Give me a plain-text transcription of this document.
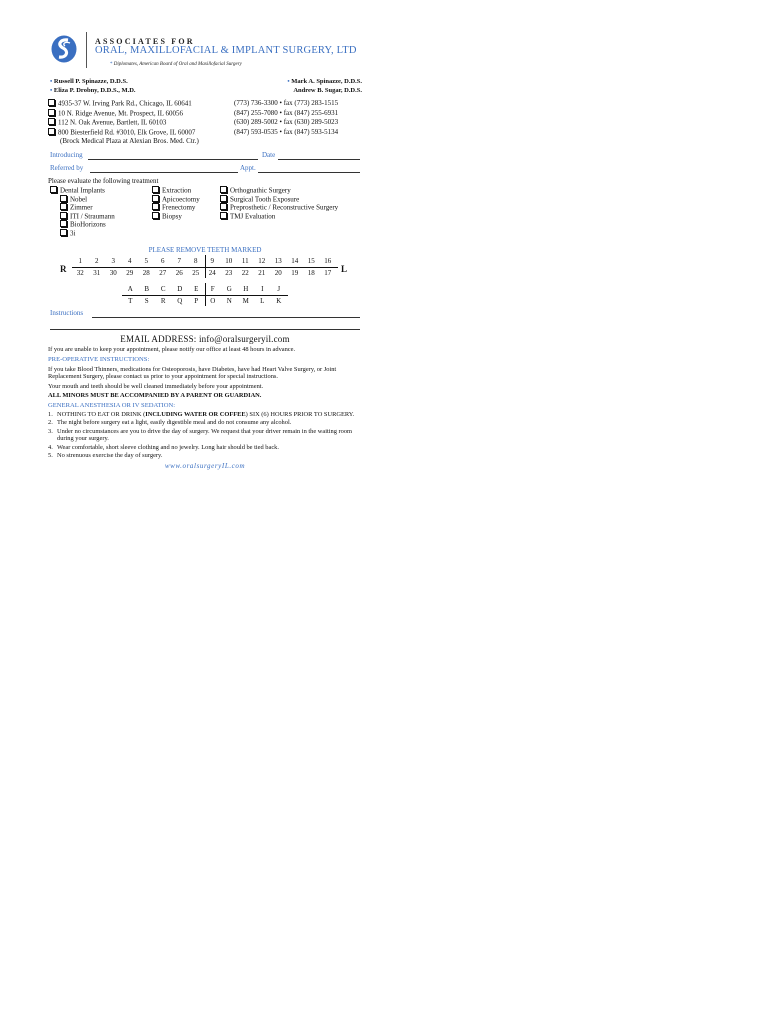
ASSOCIATES FOR
ORAL, MAXILLOFACIAL & IMPLANT SURGERY, LTD
* Diplomates, American Board of Oral and Maxillofacial Surgery
• Russell P. Spinazze, D.D.S.
• Eliza P. Drobny, D.D.S., M.D.
• Mark A. Spinazze, D.D.S.
Andrew B. Sugar, D.D.S.
4935-37 W. Irving Park Rd., Chicago, IL 60641	(773) 736-3300 • fax (773) 283-1515
10 N. Ridge Avenue, Mt. Prospect, IL 60056	(847) 255-7080 • fax (847) 255-6931
112 N. Oak Avenue, Bartlett, IL 60103	(630) 289-5002 • fax (630) 289-5023
800 Biesterfield Rd. #3010, Elk Grove, IL 60007	(847) 593-0535 • fax (847) 593-5134
(Brock Medical Plaza at Alexian Bros. Med. Ctr.)
Introducing	Date
Referred by	Appt.
Please evaluate the following treatment
Dental Implants
Nobel
Zimmer
ITI / Straumann
BioHorizons
3i
Extraction
Apicoectomy
Frenectomy
Biopsy
Orthognathic Surgery
Surgical Tooth Exposure
Preprosthetic / Reconstructive Surgery
TMJ Evaluation
PLEASE REMOVE TEETH MARKED
R	L
1	2	3	4	5	6	7	8	9	10	11	12	13	14	15	16
32	31	30	29	28	27	26	25	24	23	22	21	20	19	18	17
A	B	C	D	E	F	G	H	I	J
T	S	R	Q	P	O	N	M	L	K
Instructions
EMAIL ADDRESS: info@oralsurgeryil.com
If you are unable to keep your appointment, please notify our office at least 48 hours in advance.
PRE-OPERATIVE INSTRUCTIONS:
If you take Blood Thinners, medications for Osteoporosis, have Diabetes, have had Heart Valve Surgery, or Joint Replacement Surgery, please contact us prior to your appointment for special instructions.
Your mouth and teeth should be well cleaned immediately before your appointment.
ALL MINORS MUST BE ACCOMPANIED BY A PARENT OR GUARDIAN.
GENERAL ANESTHESIA OR IV SEDATION:
1. NOTHING TO EAT OR DRINK (INCLUDING WATER OR COFFEE) SIX (6) HOURS PRIOR TO SURGERY.
2. The night before surgery eat a light, easily digestible meal and do not consume any alcohol.
3. Under no circumstances are you to drive the day of surgery. We request that your driver remain in the waiting room during your surgery.
4. Wear comfortable, short sleeve clothing and no jewelry. Long hair should be tied back.
5. No strenuous exercise the day of surgery.
www.oralsurgeryIL.com
